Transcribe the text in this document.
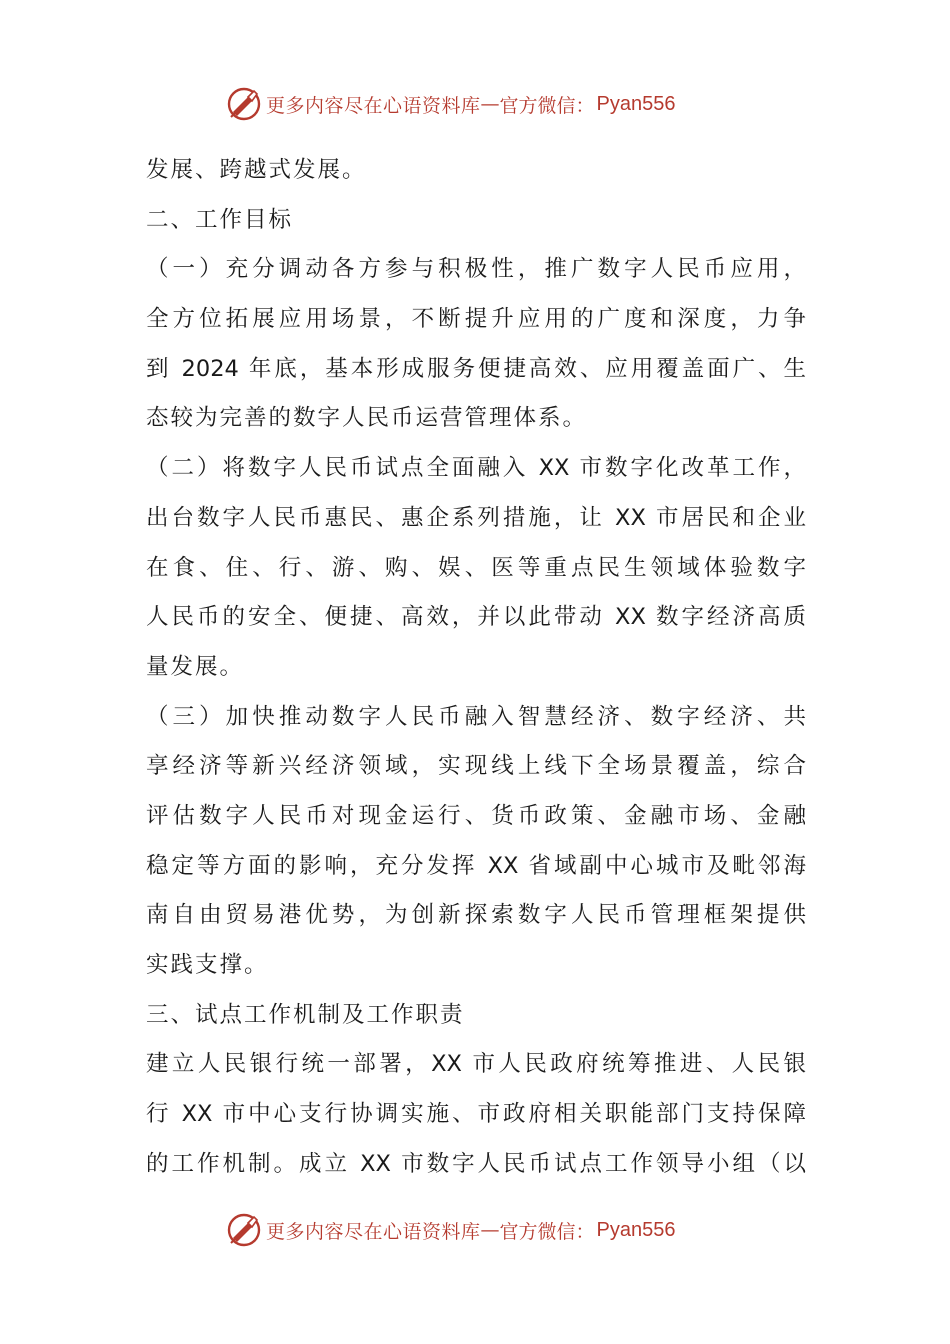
更多内容尽在心语资料库 — 官方微信： Pyan556
发展、跨越式发展。
二、工作目标
（一）充分调动各方参与积极性，推广数字人民币应用，
全方位拓展应用场景，不断提升应用的广度和深度，力争
到 2024 年底，基本形成服务便捷高效、应用覆盖面广、生
态较为完善的数字人民币运营管理体系。
（二）将数字人民币试点全面融入 XX 市数字化改革工作，
出台数字人民币惠民、惠企系列措施，让 XX 市居民和企业
在食、住、行、游、购、娱、医等重点民生领域体验数字
人民币的安全、便捷、高效，并以此带动 XX 数字经济高质
量发展。
（三）加快推动数字人民币融入智慧经济、数字经济、共
享经济等新兴经济领域，实现线上线下全场景覆盖，综合
评估数字人民币对现金运行、货币政策、金融市场、金融
稳定等方面的影响，充分发挥 XX 省域副中心城市及毗邻海
南自由贸易港优势，为创新探索数字人民币管理框架提供
实践支撑。
三、试点工作机制及工作职责
建立人民银行统一部署，XX 市人民政府统筹推进、人民银
行 XX 市中心支行协调实施、市政府相关职能部门支持保障
的工作机制。成立 XX 市数字人民币试点工作领导小组（以
更多内容尽在心语资料库 — 官方微信： Pyan556
